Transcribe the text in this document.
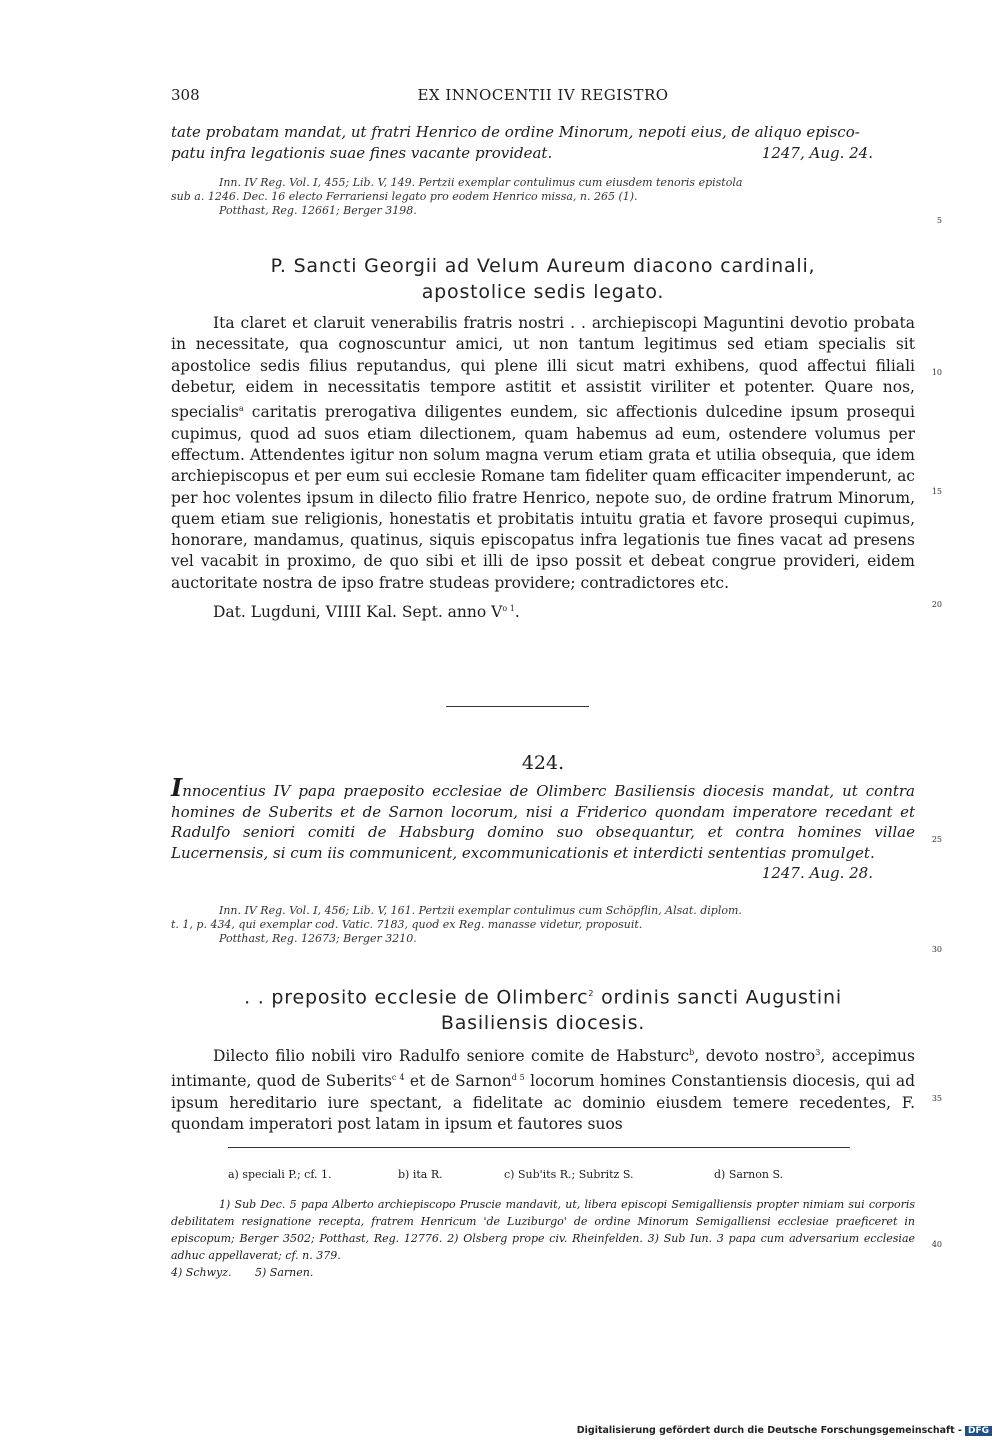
308	EX INNOCENTII IV REGISTRO
tate probatam mandat, ut fratri Henrico de ordine Minorum, nepoti eius, de aliquo episco-
patu infra legationis suae fines vacante provideat.	1247, Aug. 24.
Inn. IV Reg. Vol. I, 455; Lib. V, 149. Pertzii exemplar contulimus cum eiusdem tenoris epistola
sub a. 1246. Dec. 16 electo Ferrariensi legato pro eodem Henrico missa, n. 265 (1).
Potthast, Reg. 12661; Berger 3198.
P. Sancti Georgii ad Velum Aureum diacono cardinali,
apostolice sedis legato.

Ita claret et claruit venerabilis fratris nostri . . archiepiscopi Maguntini devotio probata in necessitate, qua cognoscuntur amici, ut non tantum legitimus sed etiam specialis sit apostolice sedis filius reputandus, qui plene illi sicut matri exhibens, quod affectui filiali debetur, eidem in necessitatis tempore astitit et assistit viriliter et potenter. Quare nos, specialis$^a$ caritatis prerogativa diligentes eundem, sic affectionis dulcedine ipsum prosequi cupimus, quod ad suos etiam dilectionem, quam habemus ad eum, ostendere volumus per effectum. Attendentes igitur non solum magna verum etiam grata et utilia obsequia, que idem archiepiscopus et per eum sui ecclesie Romane tam fideliter quam efficaciter impenderunt, ac per hoc volentes ipsum in dilecto filio fratre Henrico, nepote suo, de ordine fratrum Minorum, quem etiam sue religionis, honestatis et probitatis intuitu gratia et favore prosequi cupimus, honorare, mandamus, quatinus, siquis episcopatus infra legationis tue fines vacat ad presens vel vacabit in proximo, de quo sibi et illi de ipso possit et debeat congrue provideri, eidem auctoritate nostra de ipso fratre studeas providere; contradictores etc.

Dat. Lugduni, VIIII Kal. Sept. anno $V^{o 1}$.

5
10
15
20
25
30
35
40
424.
Innocentius IV papa praeposito ecclesiae de Olimberc Basiliensis diocesis mandat, ut contra homines de Suberits et de Sarnon locorum, nisi a Friderico quondam imperatore recedant et Radulfo seniori comiti de Habsburg domino suo obsequantur, et contra homines villae Lucernensis, si cum iis communicent, excommunicationis et interdicti sententias promulget.
1247. Aug. 28.
Inn. IV Reg. Vol. I, 456; Lib. V, 161. Pertzii exemplar contulimus cum Schöpflin, Alsat. diplom.
t. 1, p. 434, qui exemplar cod. Vatic. 7183, quod ex Reg. manasse videtur, proposuit.
Potthast, Reg. 12673; Berger 3210.
. . preposito ecclesie de Olimberc$^2$ ordinis sancti Augustini
Basiliensis diocesis.

Dilecto filio nobili viro Radulfo seniore comite de Habsturc$^b$, devoto nostro$^3$, accepimus intimante, quod de Suberits$^{c 4}$ et de Sarnon$^{d 5}$ locorum homines Constantiensis diocesis, qui ad ipsum hereditario iure spectant, a fidelitate ac dominio eiusdem temere recedentes, F. quondam imperatori post latam in ipsum et fautores suos

a) speciali P.; cf. 1.	b) ita R.	c) Sub'its R.; Subritz S.	d) Sarnon S.
1) Sub Dec. 5 papa Alberto archiepiscopo Pruscie mandavit, ut, libera episcopi Semigalliensis propter nimiam sui corporis debilitatem resignatione recepta, fratrem Henricum 'de Luziburgo' de ordine Minorum Semigalliensi ecclesiae praeficeret in episcopum; Berger 3502; Potthast, Reg. 12776. 2) Olsberg prope civ. Rheinfelden. 3) Sub Iun. 3 papa cum adversarium ecclesiae adhuc appellaverat; cf. n. 379.
4) Schwyz. 5) Sarnen.
Digitalisierung gefördert durch die Deutsche Forschungsgemeinschaft - DFG
